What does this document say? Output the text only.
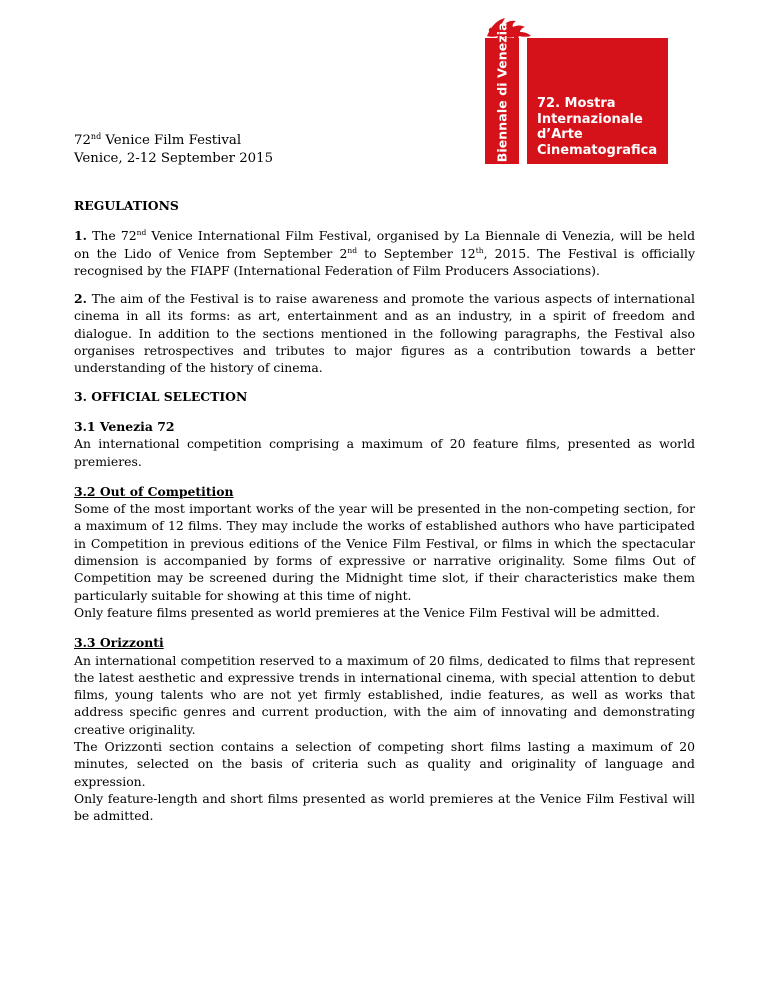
la Biennale di Venezia 72. Mostra
Internazionale
d’Arte
Cinematografica
72nd Venice Film Festival
Venice, 2-12 September 2015
REGULATIONS

1. The 72nd Venice International Film Festival, organised by La Biennale di Venezia, will be held on the Lido of Venice from September 2nd to September 12th, 2015. The Festival is officially recognised by the FIAPF (International Federation of Film Producers Associations).

2. The aim of the Festival is to raise awareness and promote the various aspects of international cinema in all its forms: as art, entertainment and as an industry, in a spirit of freedom and dialogue. In addition to the sections mentioned in the following paragraphs, the Festival also organises retrospectives and tributes to major figures as a contribution towards a better understanding of the history of cinema.

3. OFFICIAL SELECTION
3.1 Venezia 72

An international competition comprising a maximum of 20 feature films, presented as world premieres.

3.2 Out of Competition

Some of the most important works of the year will be presented in the non-competing section, for a maximum of 12 films. They may include the works of established authors who have participated in Competition in previous editions of the Venice Film Festival, or films in which the spectacular dimension is accompanied by forms of expressive or narrative originality. Some films Out of Competition may be screened during the Midnight time slot, if their characteristics make them particularly suitable for showing at this time of night.

Only feature films presented as world premieres at the Venice Film Festival will be admitted.

3.3 Orizzonti

An international competition reserved to a maximum of 20 films, dedicated to films that represent the latest aesthetic and expressive trends in international cinema, with special attention to debut films, young talents who are not yet firmly established, indie features, as well as works that address specific genres and current production, with the aim of innovating and demonstrating creative originality.

The Orizzonti section contains a selection of competing short films lasting a maximum of 20 minutes, selected on the basis of criteria such as quality and originality of language and expression.

Only feature-length and short films presented as world premieres at the Venice Film Festival will be admitted.
